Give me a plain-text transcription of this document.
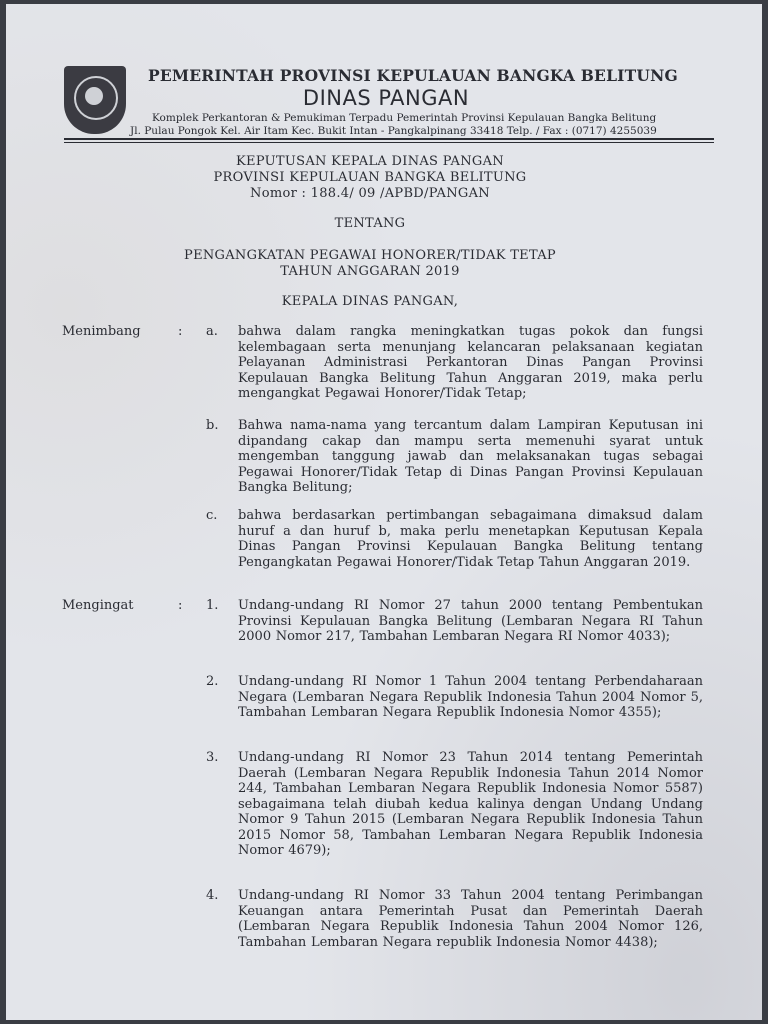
PEMERINTAH PROVINSI KEPULAUAN BANGKA BELITUNG
DINAS PANGAN
Komplek Perkantoran & Pemukiman Terpadu Pemerintah Provinsi Kepulauan Bangka Belitung
Jl. Pulau Pongok Kel. Air Itam Kec. Bukit Intan - Pangkalpinang 33418 Telp. / Fax : (0717) 4255039
KEPUTUSAN KEPALA DINAS PANGAN
PROVINSI KEPULAUAN BANGKA BELITUNG
Nomor : 188.4/ 09 /APBD/PANGAN
TENTANG
PENGANGKATAN PEGAWAI HONORER/TIDAK TETAP
TAHUN ANGGARAN 2019
KEPALA DINAS PANGAN,
Menimbang	: a. bahwa dalam rangka meningkatkan tugas pokok dan fungsi kelembagaan serta menunjang kelancaran pelaksanaan kegiatan Pelayanan Administrasi Perkantoran Dinas Pangan Provinsi Kepulauan Bangka Belitung Tahun Anggaran 2019, maka perlu mengangkat Pegawai Honorer/Tidak Tetap;

b. Bahwa nama-nama yang tercantum dalam Lampiran Keputusan ini dipandang cakap dan mampu serta memenuhi syarat untuk mengemban tanggung jawab dan melaksanakan tugas sebagai Pegawai Honorer/Tidak Tetap di Dinas Pangan Provinsi Kepulauan Bangka Belitung;

c. bahwa berdasarkan pertimbangan sebagaimana dimaksud dalam huruf a dan huruf b, maka perlu menetapkan Keputusan Kepala Dinas Pangan Provinsi Kepulauan Bangka Belitung tentang Pengangkatan Pegawai Honorer/Tidak Tetap Tahun Anggaran 2019.

Mengingat	: 1. Undang-undang RI Nomor 27 tahun 2000 tentang Pembentukan Provinsi Kepulauan Bangka Belitung (Lembaran Negara RI Tahun 2000 Nomor 217, Tambahan Lembaran Negara RI Nomor 4033);

2. Undang-undang RI Nomor 1 Tahun 2004 tentang Perbendaharaan Negara (Lembaran Negara Republik Indonesia Tahun 2004 Nomor 5, Tambahan Lembaran Negara Republik Indonesia Nomor 4355);

3. Undang-undang RI Nomor 23 Tahun 2014 tentang Pemerintah Daerah (Lembaran Negara Republik Indonesia Tahun 2014 Nomor 244, Tambahan Lembaran Negara Republik Indonesia Nomor 5587) sebagaimana telah diubah kedua kalinya dengan Undang Undang Nomor 9 Tahun 2015 (Lembaran Negara Republik Indonesia Tahun 2015 Nomor 58, Tambahan Lembaran Negara Republik Indonesia Nomor 4679);

4. Undang-undang RI Nomor 33 Tahun 2004 tentang Perimbangan Keuangan antara Pemerintah Pusat dan Pemerintah Daerah (Lembaran Negara Republik Indonesia Tahun 2004 Nomor 126, Tambahan Lembaran Negara republik Indonesia Nomor 4438);
